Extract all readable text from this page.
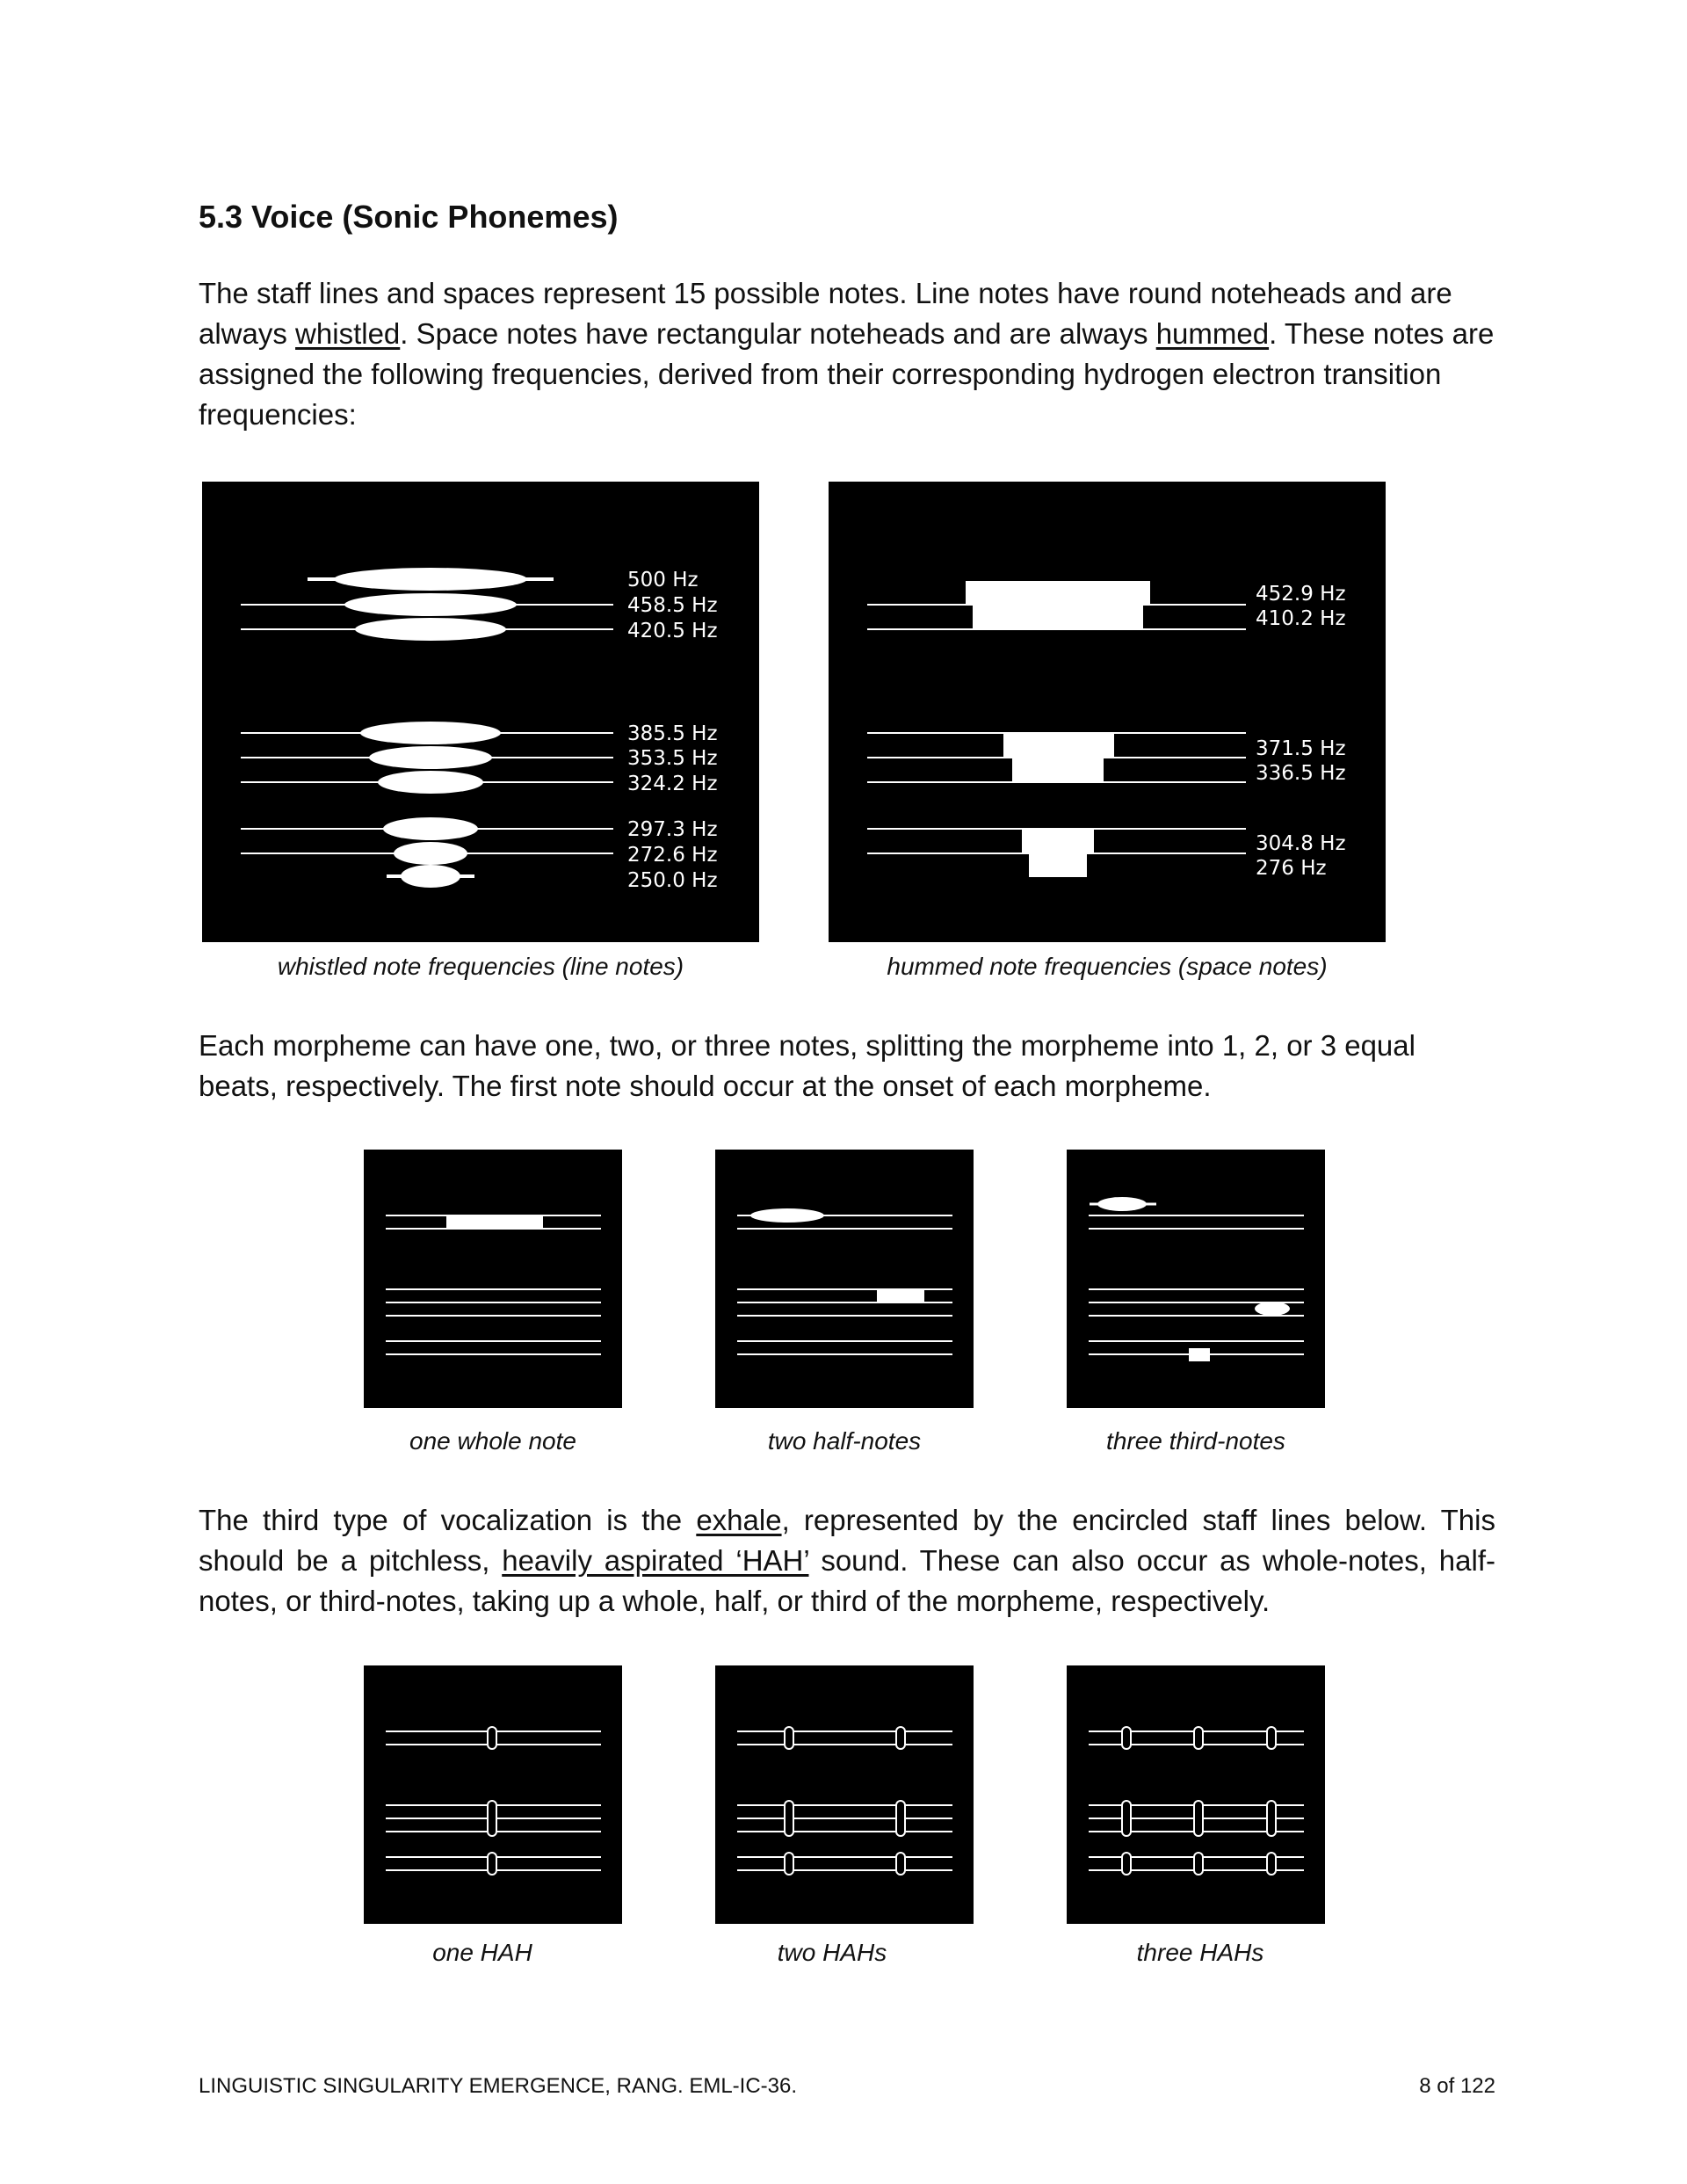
5.3 Voice (Sonic Phonemes)

The staff lines and spaces represent 15 possible notes. Line notes have round noteheads and are always whistled. Space notes have rectangular noteheads and are always hummed. These notes are assigned the following frequencies, derived from their corresponding hydrogen electron transition frequencies:

500 Hz
458.5 Hz
420.5 Hz
385.5 Hz
353.5 Hz
324.2 Hz
297.3 Hz
272.6 Hz
250.0 Hz

whistled note frequencies (line notes)

452.9 Hz
410.2 Hz
371.5 Hz
336.5 Hz
304.8 Hz
276 Hz

hummed note frequencies (space notes)

Each morpheme can have one, two, or three notes, splitting the morpheme into 1, 2, or 3 equal beats, respectively. The first note should occur at the onset of each morpheme.

one whole note	two half-notes	three third-notes

The third type of vocalization is the exhale, represented by the encircled staff lines below. This should be a pitchless, heavily aspirated ‘HAH’ sound. These can also occur as whole-notes, half-notes, or third-notes, taking up a whole, half, or third of the morpheme, respectively.

one HAH	two HAHs	three HAHs

LINGUISTIC SINGULARITY EMERGENCE, RANG. EML-IC-36.	8 of 122
